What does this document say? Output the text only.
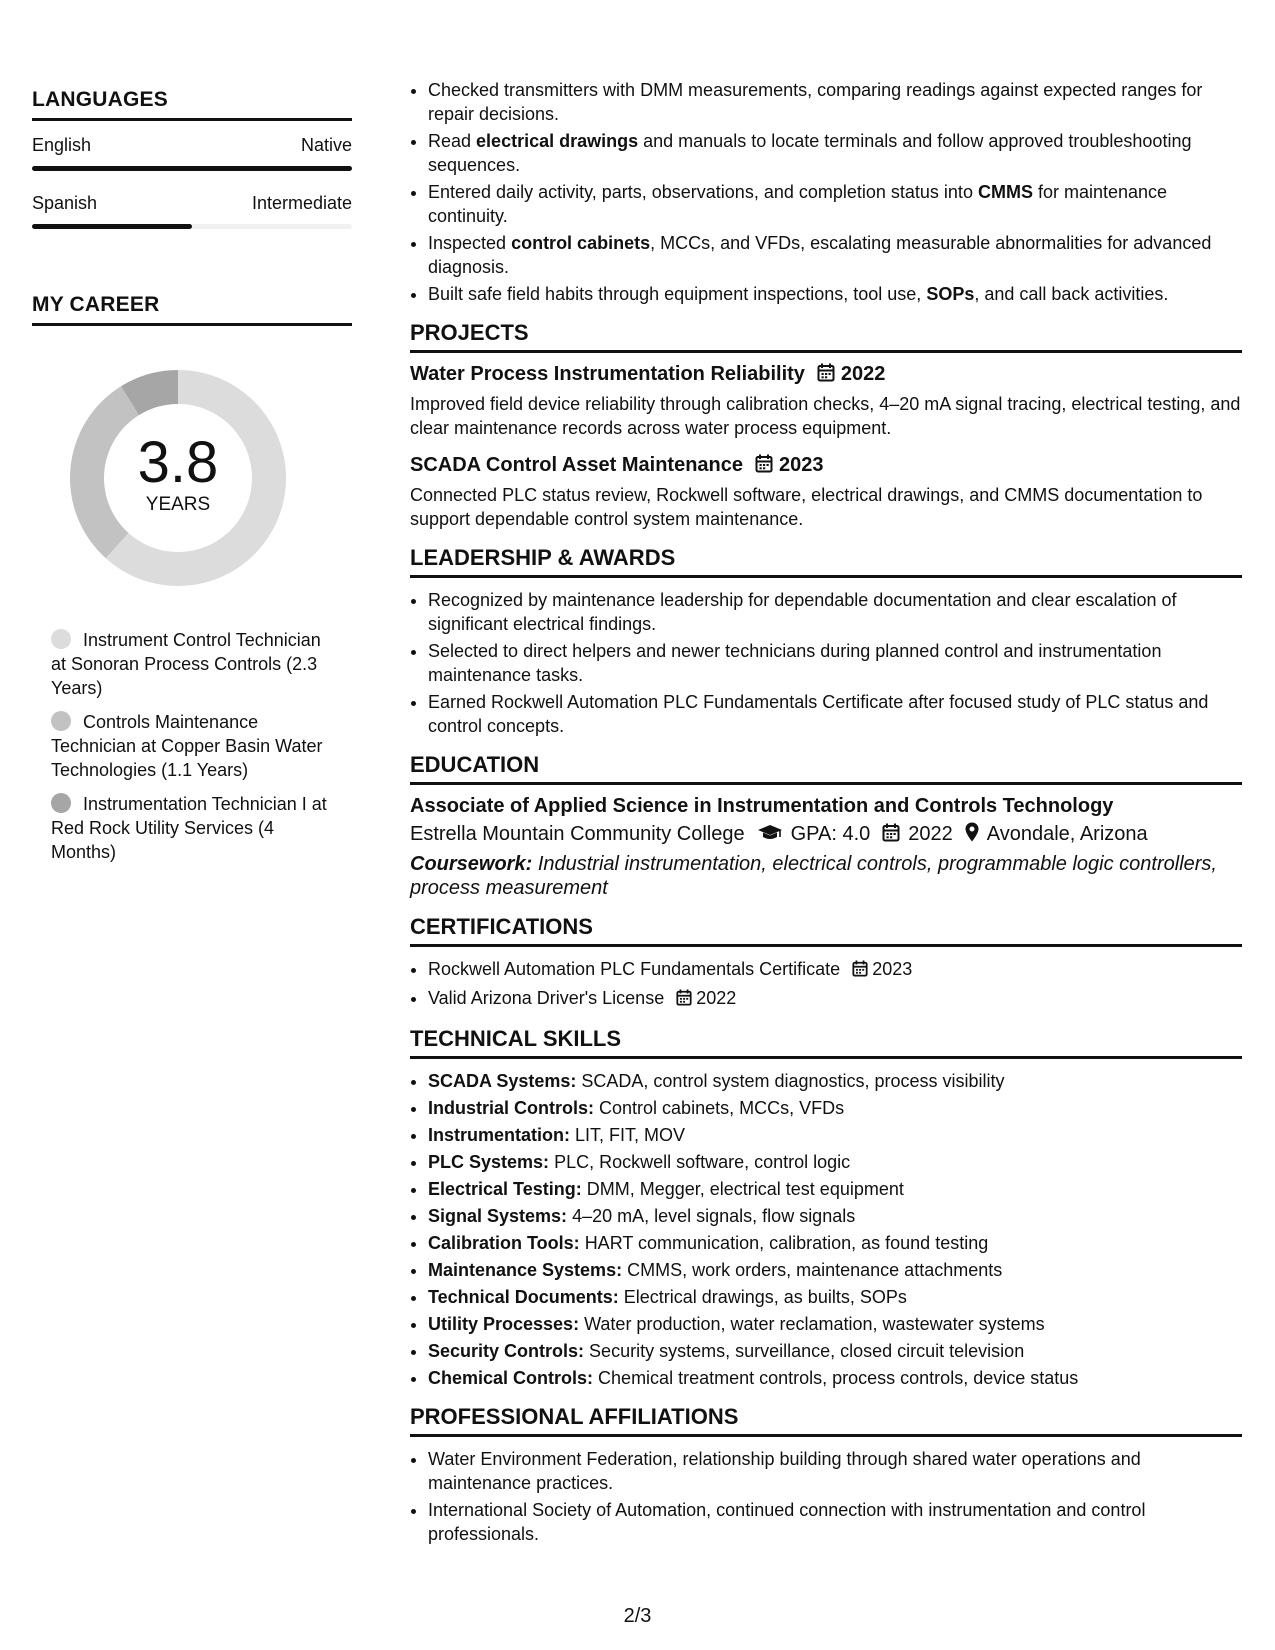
LANGUAGES
English	Native
Spanish	Intermediate
MY CAREER
3.8
YEARS
Instrument Control Technician at Sonoran Process Controls (2.3 Years)
Controls Maintenance Technician at Copper Basin Water Technologies (1.1 Years)
Instrumentation Technician I at Red Rock Utility Services (4 Months)
• Checked transmitters with DMM measurements, comparing readings against expected ranges for repair decisions.
• Read electrical drawings and manuals to locate terminals and follow approved troubleshooting sequences.
• Entered daily activity, parts, observations, and completion status into CMMS for maintenance continuity.
• Inspected control cabinets, MCCs, and VFDs, escalating measurable abnormalities for advanced diagnosis.
• Built safe field habits through equipment inspections, tool use, SOPs, and call back activities.
PROJECTS
Water Process Instrumentation Reliability 2022

Improved field device reliability through calibration checks, 4–20 mA signal tracing, electrical testing, and clear maintenance records across water process equipment.

SCADA Control Asset Maintenance 2023

Connected PLC status review, Rockwell software, electrical drawings, and CMMS documentation to support dependable control system maintenance.

LEADERSHIP & AWARDS
• Recognized by maintenance leadership for dependable documentation and clear escalation of significant electrical findings.
• Selected to direct helpers and newer technicians during planned control and instrumentation maintenance tasks.
• Earned Rockwell Automation PLC Fundamentals Certificate after focused study of PLC status and control concepts.
EDUCATION
Associate of Applied Science in Instrumentation and Controls Technology
Estrella Mountain Community College GPA: 4.0 2022 Avondale, Arizona
Coursework: Industrial instrumentation, electrical controls, programmable logic controllers, process measurement
CERTIFICATIONS
• Rockwell Automation PLC Fundamentals Certificate 2023
• Valid Arizona Driver's License 2022
TECHNICAL SKILLS
• SCADA Systems: SCADA, control system diagnostics, process visibility
• Industrial Controls: Control cabinets, MCCs, VFDs
• Instrumentation: LIT, FIT, MOV
• PLC Systems: PLC, Rockwell software, control logic
• Electrical Testing: DMM, Megger, electrical test equipment
• Signal Systems: 4–20 mA, level signals, flow signals
• Calibration Tools: HART communication, calibration, as found testing
• Maintenance Systems: CMMS, work orders, maintenance attachments
• Technical Documents: Electrical drawings, as builts, SOPs
• Utility Processes: Water production, water reclamation, wastewater systems
• Security Controls: Security systems, surveillance, closed circuit television
• Chemical Controls: Chemical treatment controls, process controls, device status
PROFESSIONAL AFFILIATIONS
• Water Environment Federation, relationship building through shared water operations and maintenance practices.
• International Society of Automation, continued connection with instrumentation and control professionals.
2/3
